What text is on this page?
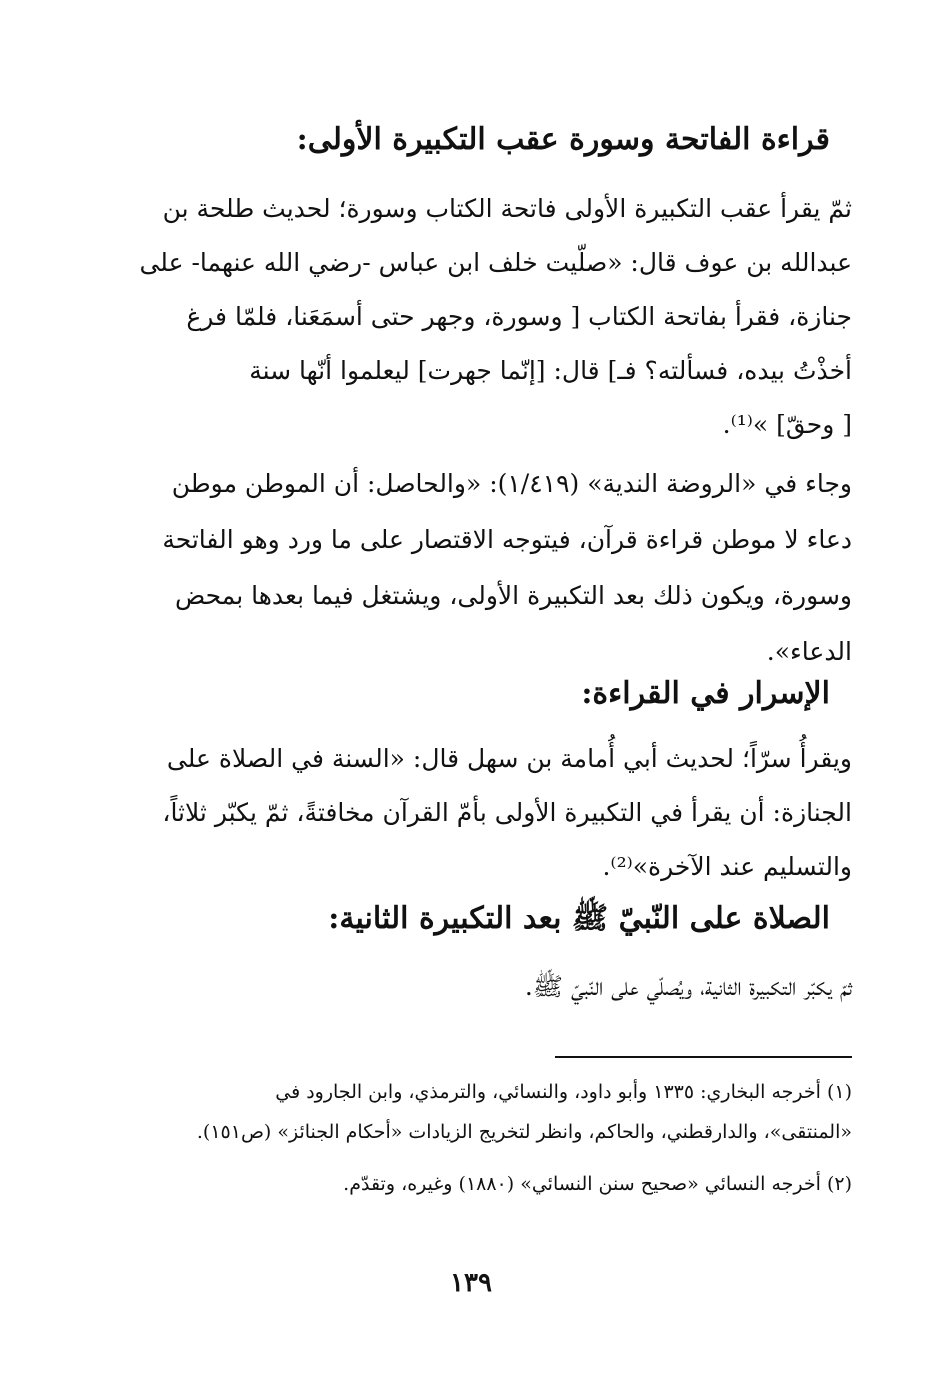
قراءة الفاتحة وسورة عقب التكبيرة الأولى:
ثمّ يقرأ عقب التكبيرة الأولى فاتحة الكتاب وسورة؛ لحديث طلحة بن
عبدالله بن عوف قال: «صلّيت خلف ابن عباس -رضي الله عنهما- على
جنازة، فقرأ بفاتحة الكتاب [ وسورة، وجهر حتى أسمَعَنا، فلمّا فرغ
أخذْتُ بيده، فسألته؟ فـ] قال: [إنّما جهرت] ليعلموا أنّها سنة
[ وحقّ] »⁽¹⁾.
وجاء في «الروضة الندية» (١/٤١٩): «والحاصل: أن الموطن موطن
دعاء لا موطن قراءة قرآن، فيتوجه الاقتصار على ما ورد وهو الفاتحة
وسورة، ويكون ذلك بعد التكبيرة الأولى، ويشتغل فيما بعدها بمحض
الدعاء».
الإسرار في القراءة:
ويقرأُ سرّاً؛ لحديث أبي أُمامة بن سهل قال: «السنة في الصلاة على
الجنازة: أن يقرأ في التكبيرة الأولى بأمّ القرآن مخافتةً، ثمّ يكبّر ثلاثاً،
والتسليم عند الآخرة»⁽²⁾.
الصلاة على النّبيّ ﷺ بعد التكبيرة الثانية:
ثمّ يكبّر التكبيرة الثانية، ويُصلّي على النّبيّ ﷺ.
(١) أخرجه البخاري: ١٣٣٥ وأبو داود، والنسائي، والترمذي، وابن الجارود في
«المنتقى»، والدارقطني، والحاكم، وانظر لتخريج الزيادات «أحكام الجنائز» (ص١٥١).
(٢) أخرجه النسائي «صحيح سنن النسائي» (١٨٨٠) وغيره، وتقدّم.
١٣٩
